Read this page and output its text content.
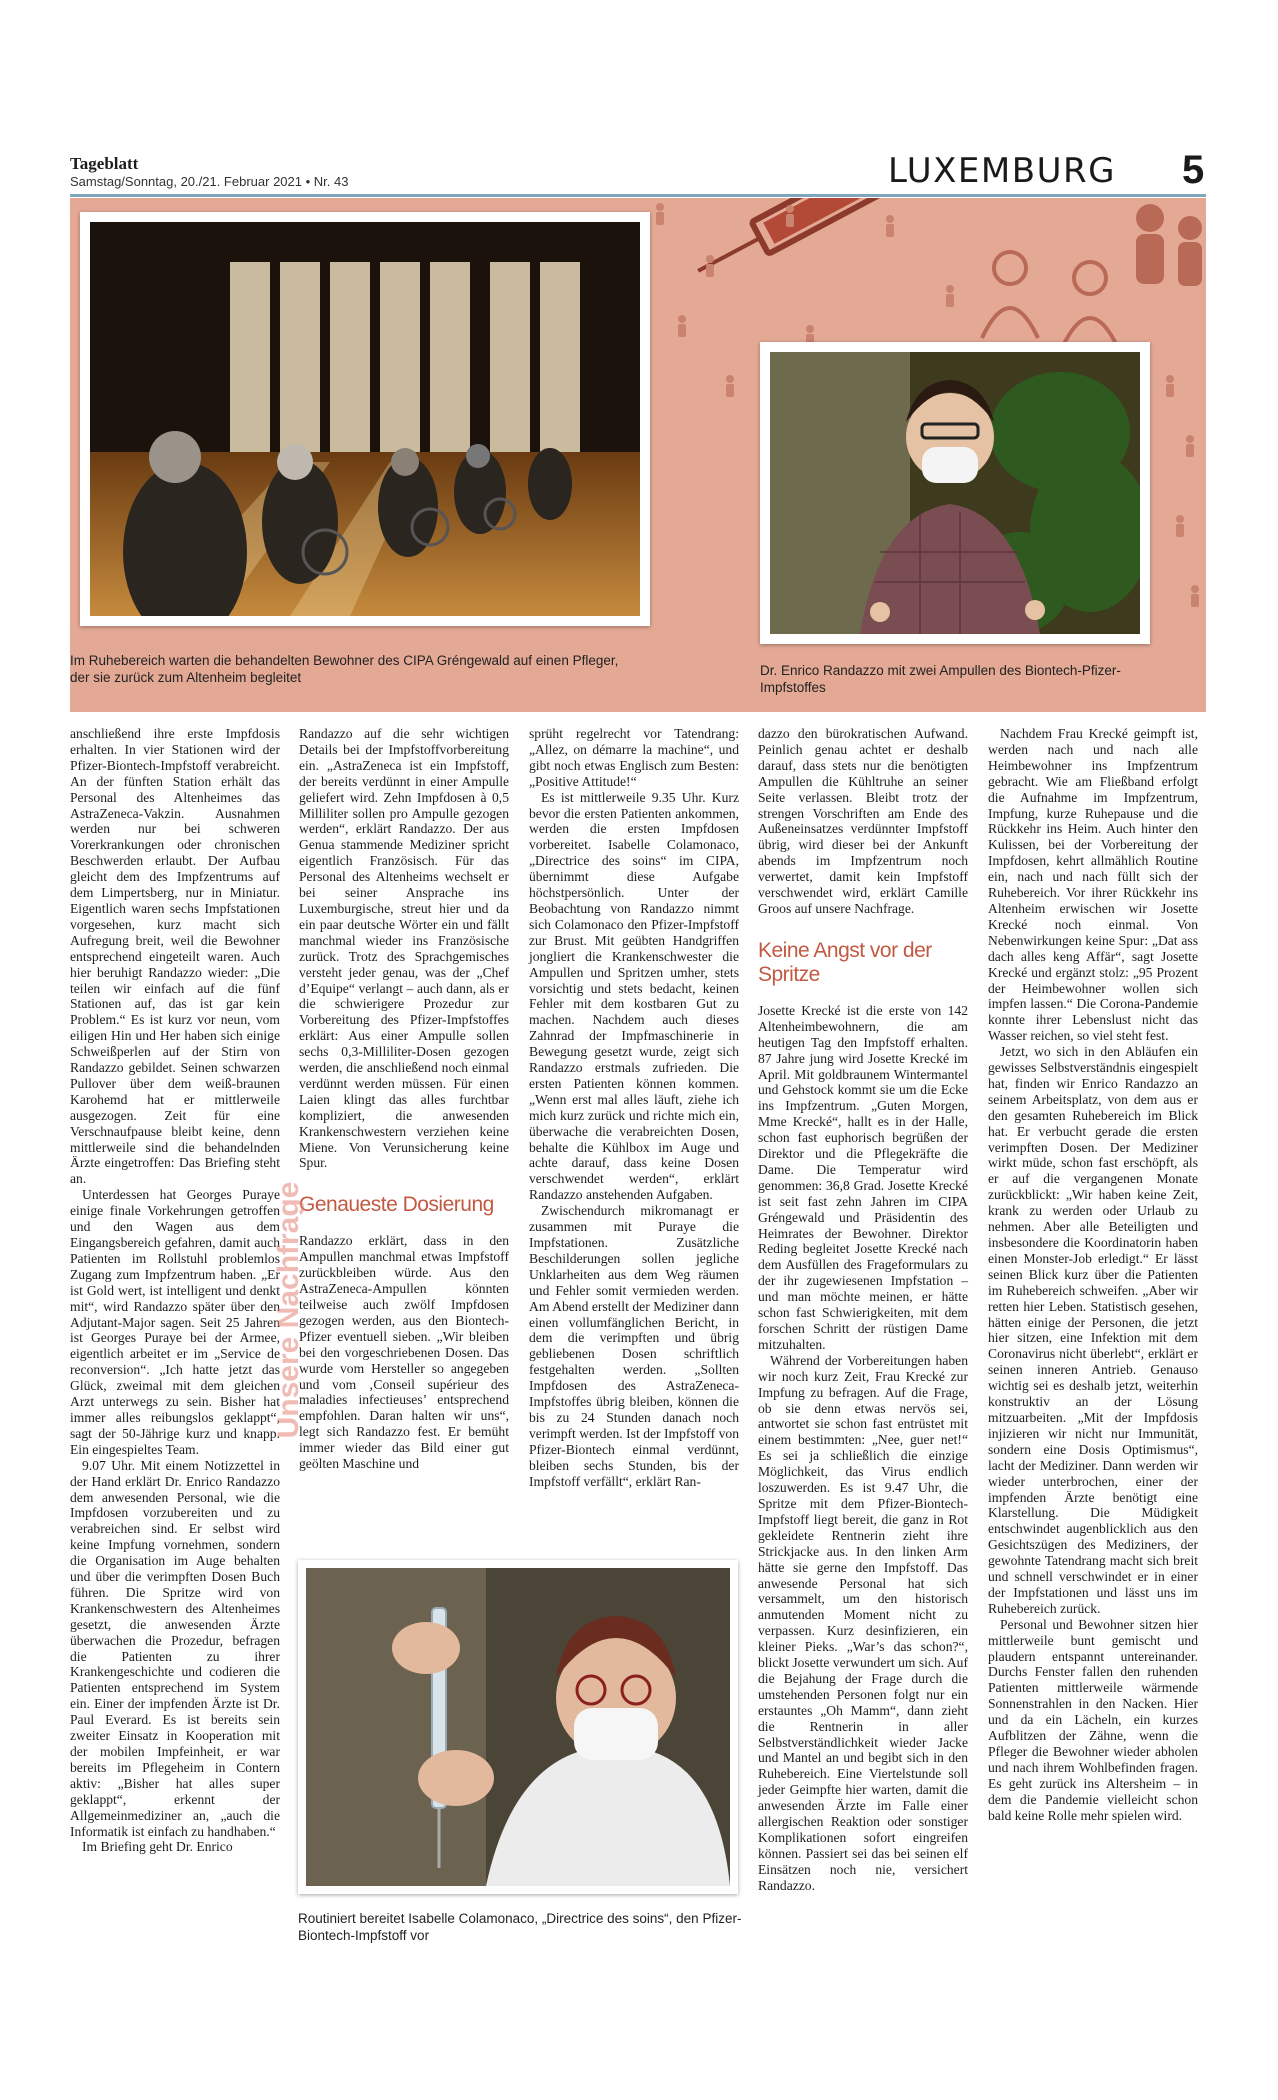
Tageblatt
Samstag/Sonntag, 20./21. Februar 2021 • Nr. 43	LUXEMBURG 5
Im Ruhebereich warten die behandelten Bewohner des CIPA Gréngewald auf einen Pfleger, der sie zurück zum Altenheim begleitet	Dr. Enrico Randazzo mit zwei Ampullen des Biontech-Pfizer-Impfstoffes

anschließend ihre erste Impfdosis erhalten. In vier Stationen wird der Pfizer-Biontech-Impfstoff verabreicht. An der fünften Station erhält das Personal des Altenheimes das AstraZeneca-Vakzin. Ausnahmen werden nur bei schweren Vorerkrankungen oder chronischen Beschwerden erlaubt. Der Aufbau gleicht dem des Impfzentrums auf dem Limpertsberg, nur in Miniatur. Eigentlich waren sechs Impfstationen vorgesehen, kurz macht sich Aufregung breit, weil die Bewohner entsprechend eingeteilt waren. Auch hier beruhigt Randazzo wieder: „Die teilen wir einfach auf die fünf Stationen auf, das ist gar kein Problem.“ Es ist kurz vor neun, vom eiligen Hin und Her haben sich einige Schweißperlen auf der Stirn von Randazzo gebildet. Seinen schwarzen Pullover über dem weiß-braunen Karohemd hat er mittlerweile ausgezogen. Zeit für eine Verschnaufpause bleibt keine, denn mittlerweile sind die behandelnden Ärzte eingetroffen: Das Briefing steht an.

Unterdessen hat Georges Puraye einige finale Vorkehrungen getroffen und den Wagen aus dem Eingangsbereich gefahren, damit auch Patienten im Rollstuhl problemlos Zugang zum Impfzentrum haben. „Er ist Gold wert, ist intelligent und denkt mit“, wird Randazzo später über den Adjutant-Major sagen. Seit 25 Jahren ist Georges Puraye bei der Armee, eigentlich arbeitet er im „Service de reconversion“. „Ich hatte jetzt das Glück, zweimal mit dem gleichen Arzt unterwegs zu sein. Bisher hat immer alles reibungslos geklappt“, sagt der 50-Jährige kurz und knapp. Ein eingespieltes Team.

9.07 Uhr. Mit einem Notizzettel in der Hand erklärt Dr. Enrico Randazzo dem anwesenden Personal, wie die Impfdosen vorzubereiten und zu verabreichen sind. Er selbst wird keine Impfung vornehmen, sondern die Organisation im Auge behalten und über die verimpften Dosen Buch führen. Die Spritze wird von Krankenschwestern des Altenheimes gesetzt, die anwesenden Ärzte überwachen die Prozedur, befragen die Patienten zu ihrer Krankengeschichte und codieren die Patienten entsprechend im System ein. Einer der impfenden Ärzte ist Dr. Paul Everard. Es ist bereits sein zweiter Einsatz in Kooperation mit der mobilen Impfeinheit, er war bereits im Pflegeheim in Contern aktiv: „Bisher hat alles super geklappt“, erkennt der Allgemeinmediziner an, „auch die Informatik ist einfach zu handhaben.“

Im Briefing geht Dr. Enrico

Randazzo auf die sehr wichtigen Details bei der Impfstoffvorbereitung ein. „AstraZeneca ist ein Impfstoff, der bereits verdünnt in einer Ampulle geliefert wird. Zehn Impfdosen à 0,5 Milliliter sollen pro Ampulle gezogen werden“, erklärt Randazzo. Der aus Genua stammende Mediziner spricht eigentlich Französisch. Für das Personal des Altenheims wechselt er bei seiner Ansprache ins Luxemburgische, streut hier und da ein paar deutsche Wörter ein und fällt manchmal wieder ins Französische zurück. Trotz des Sprachgemisches versteht jeder genau, was der „Chef d’Equipe“ verlangt – auch dann, als er die schwierigere Prozedur zur Vorbereitung des Pfizer-Impfstoffes erklärt: Aus einer Ampulle sollen sechs 0,3-Milliliter-Dosen gezogen werden, die anschließend noch einmal verdünnt werden müssen. Für einen Laien klingt das alles furchtbar kompliziert, die anwesenden Krankenschwestern verziehen keine Miene. Von Verunsicherung keine Spur.

Genaueste Dosierung

Randazzo erklärt, dass in den Ampullen manchmal etwas Impfstoff zurückbleiben würde. Aus den AstraZeneca-Ampullen könnten teilweise auch zwölf Impfdosen gezogen werden, aus den Biontech-Pfizer eventuell sieben. „Wir bleiben bei den vorgeschriebenen Dosen. Das wurde vom Hersteller so angegeben und vom ‚Conseil supérieur des maladies infectieuses’ entsprechend empfohlen. Daran halten wir uns“, legt sich Randazzo fest. Er bemüht immer wieder das Bild einer gut geölten Maschine und

sprüht regelrecht vor Tatendrang: „Allez, on démarre la machine“, und gibt noch etwas Englisch zum Besten: „Positive Attitude!“

Es ist mittlerweile 9.35 Uhr. Kurz bevor die ersten Patienten ankommen, werden die ersten Impfdosen vorbereitet. Isabelle Colamonaco, „Directrice des soins“ im CIPA, übernimmt diese Aufgabe höchstpersönlich. Unter der Beobachtung von Randazzo nimmt sich Colamonaco den Pfizer-Impfstoff zur Brust. Mit geübten Handgriffen jongliert die Krankenschwester die Ampullen und Spritzen umher, stets vorsichtig und stets bedacht, keinen Fehler mit dem kostbaren Gut zu machen. Nachdem auch dieses Zahnrad der Impfmaschinerie in Bewegung gesetzt wurde, zeigt sich Randazzo erstmals zufrieden. Die ersten Patienten können kommen. „Wenn erst mal alles läuft, ziehe ich mich kurz zurück und richte mich ein, überwache die verabreichten Dosen, behalte die Kühlbox im Auge und achte darauf, dass keine Dosen verschwendet werden“, erklärt Randazzo anstehenden Aufgaben.

Zwischendurch mikromanagt er zusammen mit Puraye die Impfstationen. Zusätzliche Beschilderungen sollen jegliche Unklarheiten aus dem Weg räumen und Fehler somit vermieden werden. Am Abend erstellt der Mediziner dann einen vollumfänglichen Bericht, in dem die verimpften und übrig gebliebenen Dosen schriftlich festgehalten werden. „Sollten Impfdosen des AstraZeneca-Impfstoffes übrig bleiben, können die bis zu 24 Stunden danach noch verimpft werden. Ist der Impfstoff von Pfizer-Biontech einmal verdünnt, bleiben sechs Stunden, bis der Impfstoff verfällt“, erklärt Ran-

dazzo den bürokratischen Aufwand. Peinlich genau achtet er deshalb darauf, dass stets nur die benötigten Ampullen die Kühltruhe an seiner Seite verlassen. Bleibt trotz der strengen Vorschriften am Ende des Außeneinsatzes verdünnter Impfstoff übrig, wird dieser bei der Ankunft abends im Impfzentrum noch verwertet, damit kein Impfstoff verschwendet wird, erklärt Camille Groos auf unsere Nachfrage.

Keine Angst vor der Spritze

Josette Krecké ist die erste von 142 Altenheimbewohnern, die am heutigen Tag den Impfstoff erhalten. 87 Jahre jung wird Josette Krecké im April. Mit goldbraunem Wintermantel und Gehstock kommt sie um die Ecke ins Impfzentrum. „Guten Morgen, Mme Krecké“, hallt es in der Halle, schon fast euphorisch begrüßen der Direktor und die Pflegekräfte die Dame. Die Temperatur wird genommen: 36,8 Grad. Josette Krecké ist seit fast zehn Jahren im CIPA Gréngewald und Präsidentin des Heimrates der Bewohner. Direktor Reding begleitet Josette Krecké nach dem Ausfüllen des Frageformulars zu der ihr zugewiesenen Impfstation – und man möchte meinen, er hätte schon fast Schwierigkeiten, mit dem forschen Schritt der rüstigen Dame mitzuhalten.

Während der Vorbereitungen haben wir noch kurz Zeit, Frau Krecké zur Impfung zu befragen. Auf die Frage, ob sie denn etwas nervös sei, antwortet sie schon fast entrüstet mit einem bestimmten: „Nee, guer net!“ Es sei ja schließlich die einzige Möglichkeit, das Virus endlich loszuwerden. Es ist 9.47 Uhr, die Spritze mit dem Pfizer-Biontech-Impfstoff liegt bereit, die ganz in Rot gekleidete Rentnerin zieht ihre Strickjacke aus. In den linken Arm hätte sie gerne den Impfstoff. Das anwesende Personal hat sich versammelt, um den historisch anmutenden Moment nicht zu verpassen. Kurz desinfizieren, ein kleiner Pieks. „War’s das schon?“, blickt Josette verwundert um sich. Auf die Bejahung der Frage durch die umstehenden Personen folgt nur ein erstauntes „Oh Mamm“, dann zieht die Rentnerin in aller Selbstverständlichkeit wieder Jacke und Mantel an und begibt sich in den Ruhebereich. Eine Viertelstunde soll jeder Geimpfte hier warten, damit die anwesenden Ärzte im Falle einer allergischen Reaktion oder sonstiger Komplikationen sofort eingreifen können. Passiert sei das bei seinen elf Einsätzen noch nie, versichert Randazzo.

Nachdem Frau Krecké geimpft ist, werden nach und nach alle Heimbewohner ins Impfzentrum gebracht. Wie am Fließband erfolgt die Aufnahme im Impfzentrum, Impfung, kurze Ruhepause und die Rückkehr ins Heim. Auch hinter den Kulissen, bei der Vorbereitung der Impfdosen, kehrt allmählich Routine ein, nach und nach füllt sich der Ruhebereich. Vor ihrer Rückkehr ins Altenheim erwischen wir Josette Krecké noch einmal. Von Nebenwirkungen keine Spur: „Dat ass dach alles keng Affär“, sagt Josette Krecké und ergänzt stolz: „95 Prozent der Heimbewohner wollen sich impfen lassen.“ Die Corona-Pandemie konnte ihrer Lebenslust nicht das Wasser reichen, so viel steht fest.

Jetzt, wo sich in den Abläufen ein gewisses Selbstverständnis eingespielt hat, finden wir Enrico Randazzo an seinem Arbeitsplatz, von dem aus er den gesamten Ruhebereich im Blick hat. Er verbucht gerade die ersten verimpften Dosen. Der Mediziner wirkt müde, schon fast erschöpft, als er auf die vergangenen Monate zurückblickt: „Wir haben keine Zeit, krank zu werden oder Urlaub zu nehmen. Aber alle Beteiligten und insbesondere die Koordinatorin haben einen Monster-Job erledigt.“ Er lässt seinen Blick kurz über die Patienten im Ruhebereich schweifen. „Aber wir retten hier Leben. Statistisch gesehen, hätten einige der Personen, die jetzt hier sitzen, eine Infektion mit dem Coronavirus nicht überlebt“, erklärt er seinen inneren Antrieb. Genauso wichtig sei es deshalb jetzt, weiterhin konstruktiv an der Lösung mitzuarbeiten. „Mit der Impfdosis injizieren wir nicht nur Immunität, sondern eine Dosis Optimismus“, lacht der Mediziner. Dann werden wir wieder unterbrochen, einer der impfenden Ärzte benötigt eine Klarstellung. Die Müdigkeit entschwindet augenblicklich aus den Gesichtszügen des Mediziners, der gewohnte Tatendrang macht sich breit und schnell verschwindet er in einer der Impfstationen und lässt uns im Ruhebereich zurück.

Personal und Bewohner sitzen hier mittlerweile bunt gemischt und plaudern entspannt untereinander. Durchs Fenster fallen den ruhenden Patienten mittlerweile wärmende Sonnenstrahlen in den Nacken. Hier und da ein Lächeln, ein kurzes Aufblitzen der Zähne, wenn die Pfleger die Bewohner wieder abholen und nach ihrem Wohlbefinden fragen. Es geht zurück ins Altersheim – in dem die Pandemie vielleicht schon bald keine Rolle mehr spielen wird.

Routiniert bereitet Isabelle Colamonaco, „Directrice des soins“, den Pfizer-Biontech-Impfstoff vor
Unsere Nachfrage
